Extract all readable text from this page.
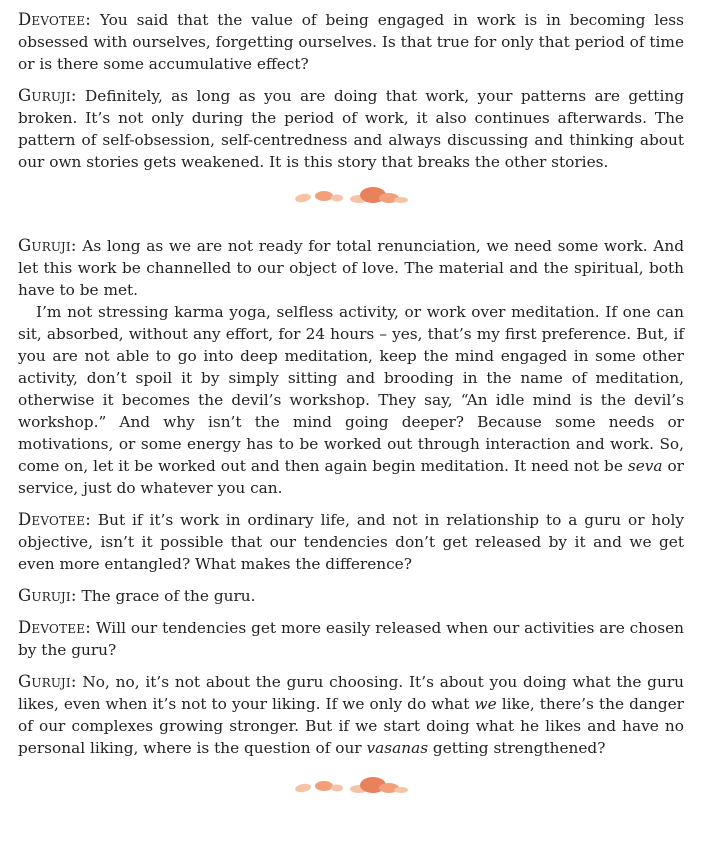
Devotee: You said that the value of being engaged in work is in becoming less obsessed with ourselves, forgetting ourselves. Is that true for only that period of time or is there some accumulative effect?

Guruji: Definitely, as long as you are doing that work, your patterns are getting broken. It’s not only during the period of work, it also continues afterwards. The pattern of self-obsession, self-centredness and always discussing and thinking about our own stories gets weakened. It is this story that breaks the other stories.

Guruji: As long as we are not ready for total renunciation, we need some work. And let this work be channelled to our object of love. The material and the spiritual, both have to be met.

I’m not stressing karma yoga, selfless activity, or work over meditation. If one can sit, absorbed, without any effort, for 24 hours – yes, that’s my first preference. But, if you are not able to go into deep meditation, keep the mind engaged in some other activity, don’t spoil it by simply sitting and brooding in the name of meditation, otherwise it becomes the devil’s workshop. They say, “An idle mind is the devil’s workshop.” And why isn’t the mind going deeper? Because some needs or motivations, or some energy has to be worked out through interaction and work. So, come on, let it be worked out and then again begin meditation. It need not be seva or service, just do whatever you can.

Devotee: But if it’s work in ordinary life, and not in relationship to a guru or holy objective, isn’t it possible that our tendencies don’t get released by it and we get even more entangled? What makes the difference?

Guruji: The grace of the guru.

Devotee: Will our tendencies get more easily released when our activities are chosen by the guru?

Guruji: No, no, it’s not about the guru choosing. It’s about you doing what the guru likes, even when it’s not to your liking. If we only do what we like, there’s the danger of our complexes growing stronger. But if we start doing what he likes and have no personal liking, where is the question of our vasanas getting strengthened?
